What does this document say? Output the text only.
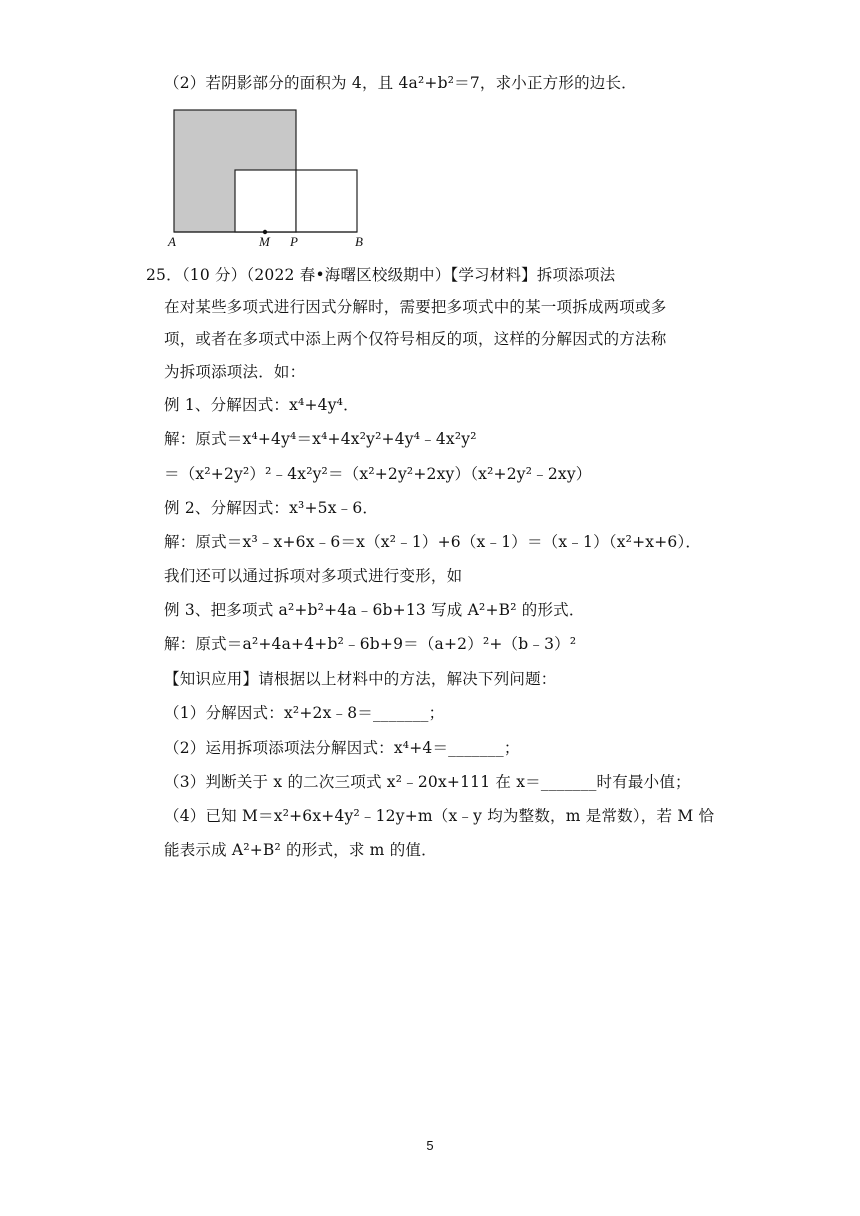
（2）若阴影部分的面积为 4，且 4a²+b²＝7，求小正方形的边长．
A	M P	B
25．（10 分）（2022 春•海曙区校级期中）【学习材料】拆项添项法
在对某些多项式进行因式分解时，需要把多项式中的某一项拆成两项或多
项，或者在多项式中添上两个仅符号相反的项，这样的分解因式的方法称
为拆项添项法．如：
例 1、分解因式：x⁴+4y⁴．
解：原式＝x⁴+4y⁴＝x⁴+4x²y²+4y⁴﹣4x²y²
＝（x²+2y²）²﹣4x²y²＝（x²+2y²+2xy）（x²+2y²﹣2xy）
例 2、分解因式：x³+5x﹣6．
解：原式＝x³﹣x+6x﹣6＝x（x²﹣1）+6（x﹣1）＝（x﹣1）（x²+x+6）．
我们还可以通过拆项对多项式进行变形，如
例 3、把多项式 a²+b²+4a﹣6b+13 写成 A²+B² 的形式．
解：原式＝a²+4a+4+b²﹣6b+9＝（a+2）²+（b﹣3）²
【知识应用】请根据以上材料中的方法，解决下列问题：
（1）分解因式：x²+2x﹣8＝_______；
（2）运用拆项添项法分解因式：x⁴+4＝_______；
（3）判断关于 x 的二次三项式 x²﹣20x+111 在 x＝_______时有最小值；
（4）已知 M＝x²+6x+4y²﹣12y+m（x﹣y 均为整数，m 是常数），若 M 恰
能表示成 A²+B² 的形式，求 m 的值．
5
